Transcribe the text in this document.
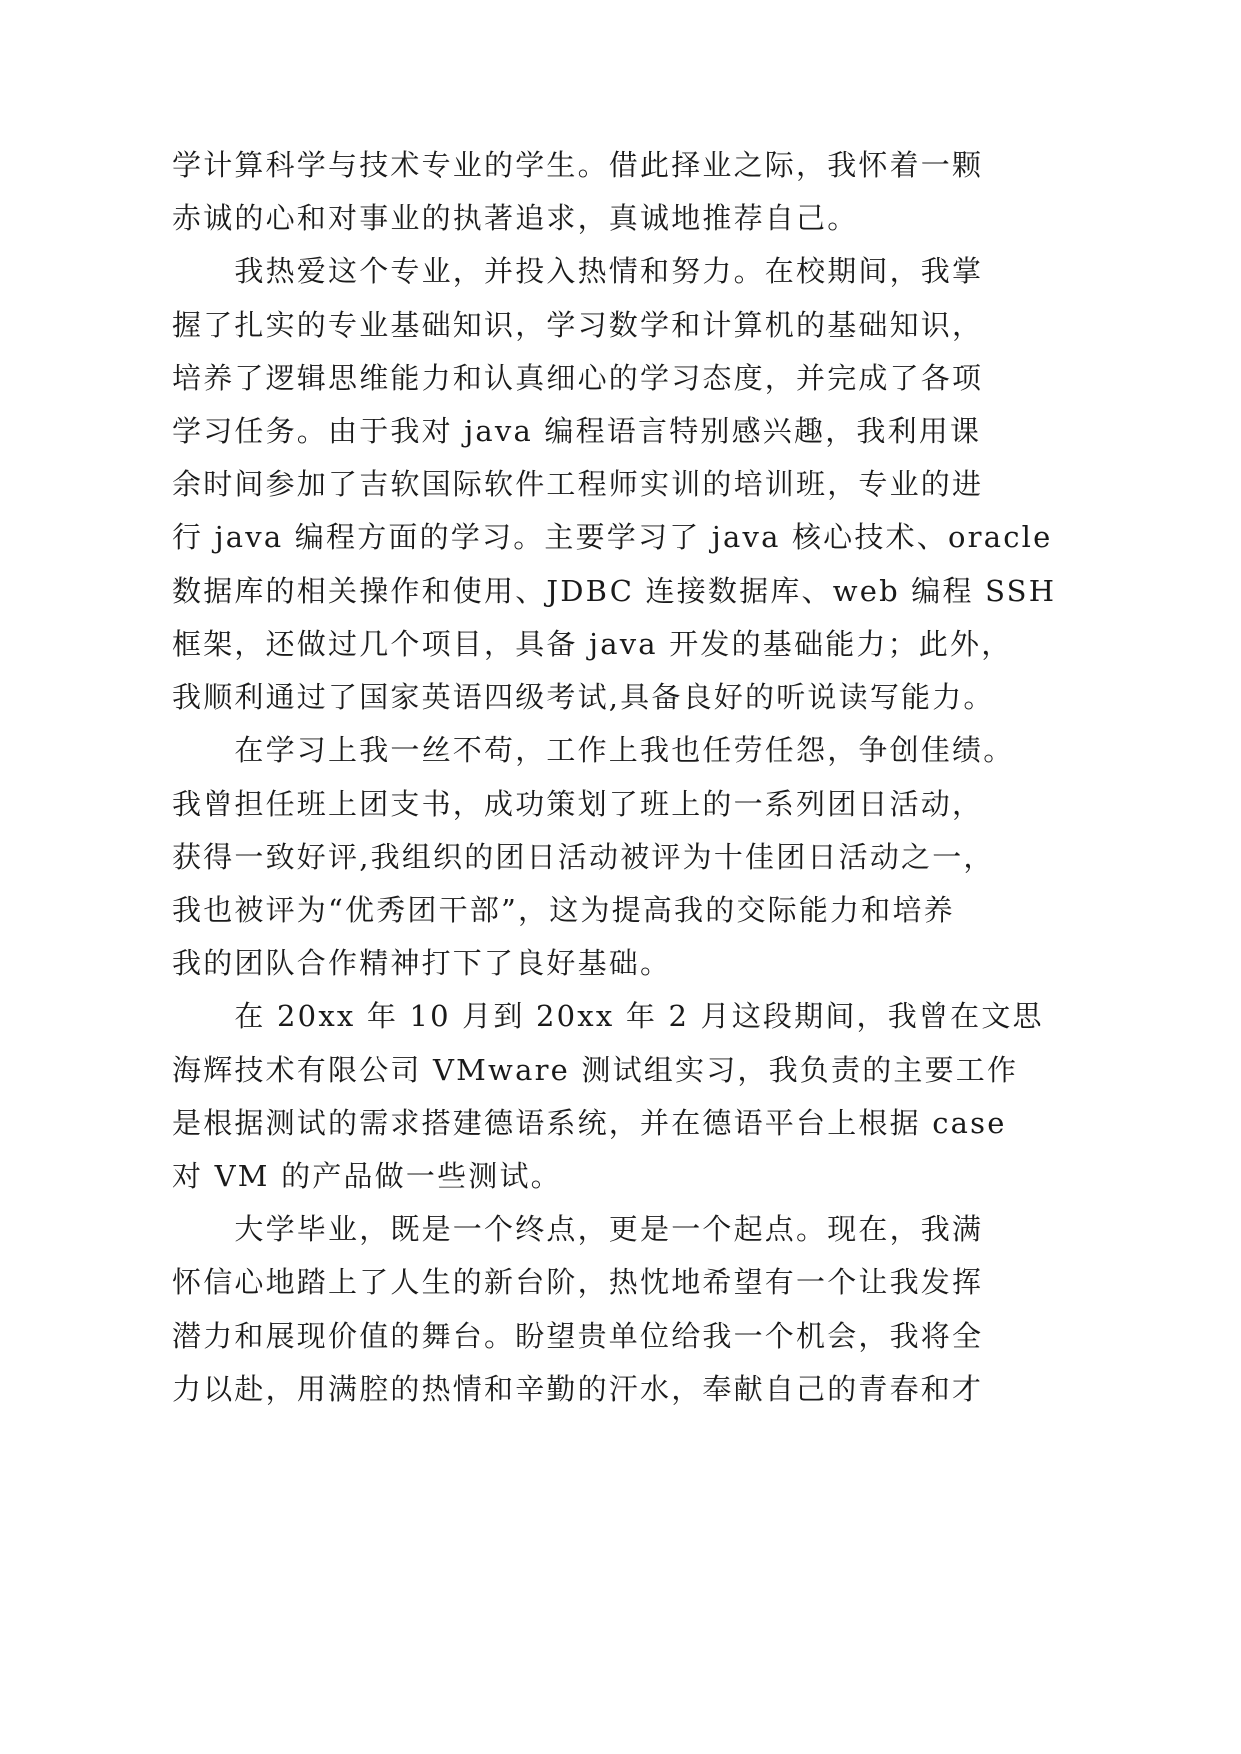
学计算科学与技术专业的学生。借此择业之际，我怀着一颗
赤诚的心和对事业的执著追求，真诚地推荐自己。
　　我热爱这个专业，并投入热情和努力。在校期间，我掌
握了扎实的专业基础知识，学习数学和计算机的基础知识，
培养了逻辑思维能力和认真细心的学习态度，并完成了各项
学习任务。由于我对 java 编程语言特别感兴趣，我利用课
余时间参加了吉软国际软件工程师实训的培训班，专业的进
行 java 编程方面的学习。主要学习了 java 核心技术、oracle
数据库的相关操作和使用、JDBC 连接数据库、web 编程 SSH
框架，还做过几个项目，具备 java 开发的基础能力；此外，
我顺利通过了国家英语四级考试,具备良好的听说读写能力。
　　在学习上我一丝不苟，工作上我也任劳任怨，争创佳绩。
我曾担任班上团支书，成功策划了班上的一系列团日活动，
获得一致好评,我组织的团日活动被评为十佳团日活动之一，
我也被评为“优秀团干部”，这为提高我的交际能力和培养
我的团队合作精神打下了良好基础。
　　在 20xx 年 10 月到 20xx 年 2 月这段期间，我曾在文思
海辉技术有限公司 VMware 测试组实习，我负责的主要工作
是根据测试的需求搭建德语系统，并在德语平台上根据 case
对 VM 的产品做一些测试。
　　大学毕业，既是一个终点，更是一个起点。现在，我满
怀信心地踏上了人生的新台阶，热忱地希望有一个让我发挥
潜力和展现价值的舞台。盼望贵单位给我一个机会，我将全
力以赴，用满腔的热情和辛勤的汗水，奉献自己的青春和才
